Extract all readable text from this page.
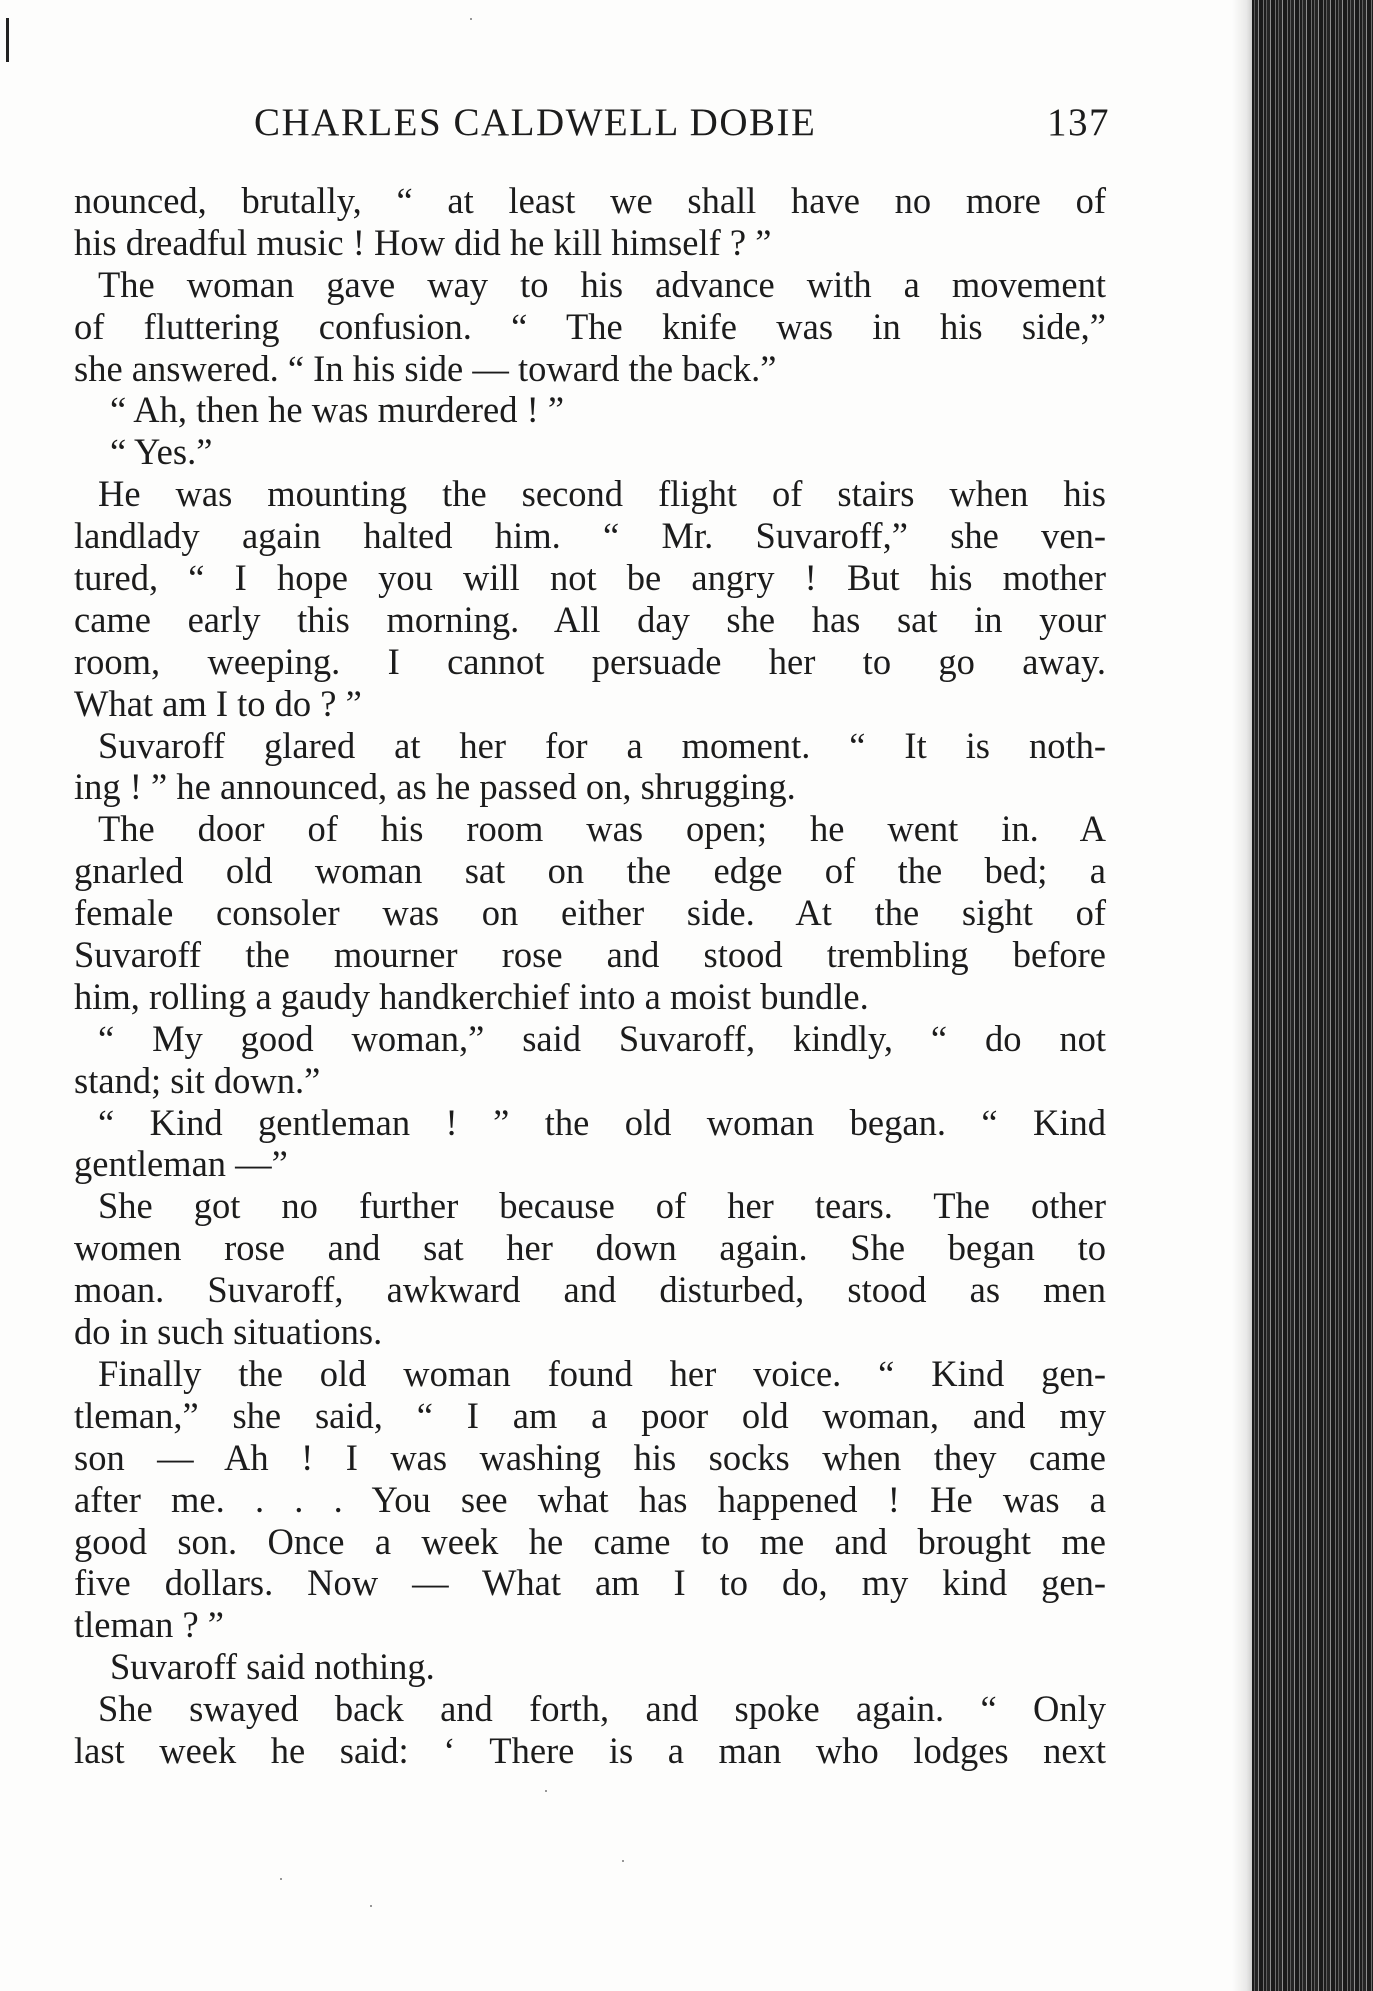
CHARLES CALDWELL DOBIE	137
nounced, brutally, “ at least we shall have no more of
his dreadful music ! How did he kill himself ? ”
The woman gave way to his advance with a movement
of fluttering confusion. “ The knife was in his side,”
she answered. “ In his side — toward the back.”
“ Ah, then he was murdered ! ”
“ Yes.”
He was mounting the second flight of stairs when his
landlady again halted him. “ Mr. Suvaroff,” she ven-
tured, “ I hope you will not be angry ! But his mother
came early this morning. All day she has sat in your
room, weeping. I cannot persuade her to go away.
What am I to do ? ”
Suvaroff glared at her for a moment. “ It is noth-
ing ! ” he announced, as he passed on, shrugging.
The door of his room was open; he went in. A
gnarled old woman sat on the edge of the bed; a
female consoler was on either side. At the sight of
Suvaroff the mourner rose and stood trembling before
him, rolling a gaudy handkerchief into a moist bundle.
“ My good woman,” said Suvaroff, kindly, “ do not
stand; sit down.”
“ Kind gentleman ! ” the old woman began. “ Kind
gentleman —”
She got no further because of her tears. The other
women rose and sat her down again. She began to
moan. Suvaroff, awkward and disturbed, stood as men
do in such situations.
Finally the old woman found her voice. “ Kind gen-
tleman,” she said, “ I am a poor old woman, and my
son — Ah ! I was washing his socks when they came
after me. . . . You see what has happened ! He was a
good son. Once a week he came to me and brought me
five dollars. Now — What am I to do, my kind gen-
tleman ? ”
Suvaroff said nothing.
She swayed back and forth, and spoke again. “ Only
last week he said: ‘ There is a man who lodges next
